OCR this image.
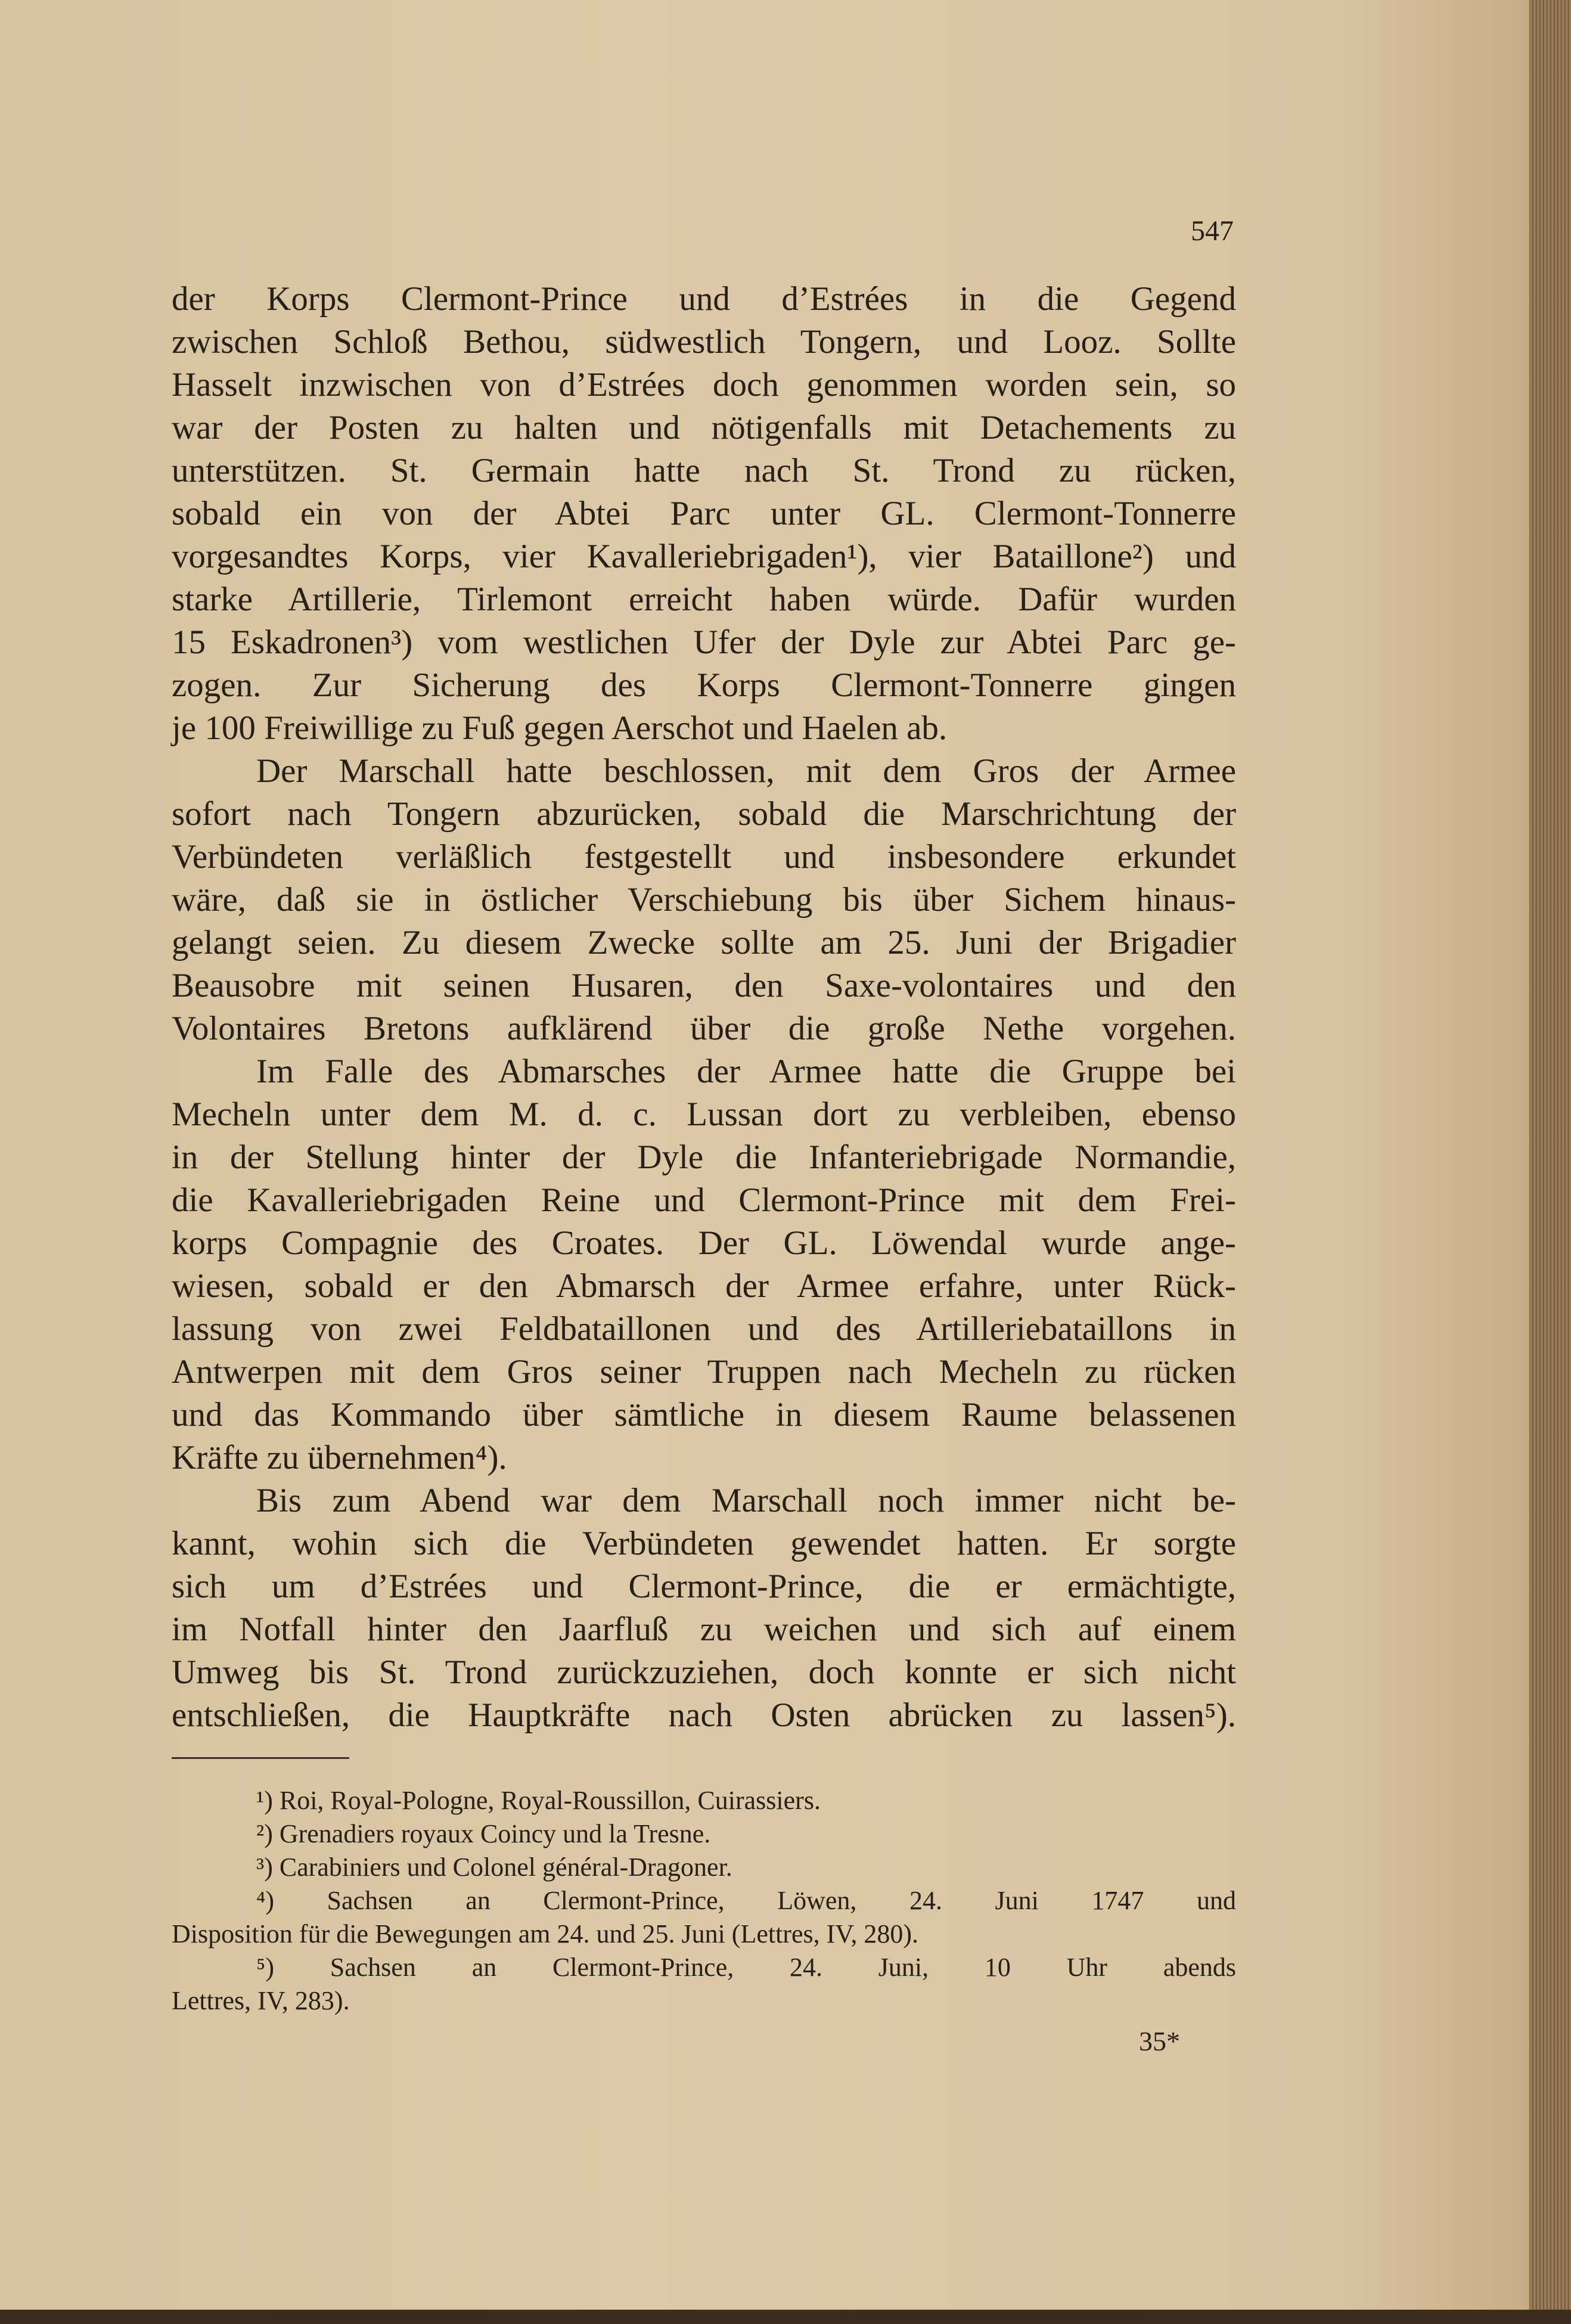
547
der Korps Clermont-Prince und d’Estrées in die Gegend
zwischen Schloß Bethou, südwestlich Tongern, und Looz. Sollte
Hasselt inzwischen von d’Estrées doch genommen worden sein, so
war der Posten zu halten und nötigenfalls mit Detachements zu
unterstützen. St. Germain hatte nach St. Trond zu rücken,
sobald ein von der Abtei Parc unter GL. Clermont-Tonnerre
vorgesandtes Korps, vier Kavalleriebrigaden¹), vier Bataillone²) und
starke Artillerie, Tirlemont erreicht haben würde. Dafür wurden
15 Eskadronen³) vom westlichen Ufer der Dyle zur Abtei Parc ge-
zogen. Zur Sicherung des Korps Clermont-Tonnerre gingen
je 100 Freiwillige zu Fuß gegen Aerschot und Haelen ab.
Der Marschall hatte beschlossen, mit dem Gros der Armee
sofort nach Tongern abzurücken, sobald die Marschrichtung der
Verbündeten verläßlich festgestellt und insbesondere erkundet
wäre, daß sie in östlicher Verschiebung bis über Sichem hinaus-
gelangt seien. Zu diesem Zwecke sollte am 25. Juni der Brigadier
Beausobre mit seinen Husaren, den Saxe-volontaires und den
Volontaires Bretons aufklärend über die große Nethe vorgehen.
Im Falle des Abmarsches der Armee hatte die Gruppe bei
Mecheln unter dem M. d. c. Lussan dort zu verbleiben, ebenso
in der Stellung hinter der Dyle die Infanteriebrigade Normandie,
die Kavalleriebrigaden Reine und Clermont-Prince mit dem Frei-
korps Compagnie des Croates. Der GL. Löwendal wurde ange-
wiesen, sobald er den Abmarsch der Armee erfahre, unter Rück-
lassung von zwei Feldbataillonen und des Artilleriebataillons in
Antwerpen mit dem Gros seiner Truppen nach Mecheln zu rücken
und das Kommando über sämtliche in diesem Raume belassenen
Kräfte zu übernehmen⁴).
Bis zum Abend war dem Marschall noch immer nicht be-
kannt, wohin sich die Verbündeten gewendet hatten. Er sorgte
sich um d’Estrées und Clermont-Prince, die er ermächtigte,
im Notfall hinter den Jaarfluß zu weichen und sich auf einem
Umweg bis St. Trond zurückzuziehen, doch konnte er sich nicht
entschließen, die Hauptkräfte nach Osten abrücken zu lassen⁵).
¹) Roi, Royal-Pologne, Royal-Roussillon, Cuirassiers.
²) Grenadiers royaux Coincy und la Tresne.
³) Carabiniers und Colonel général-Dragoner.
⁴) Sachsen an Clermont-Prince, Löwen, 24. Juni 1747 und
Disposition für die Bewegungen am 24. und 25. Juni (Lettres, IV, 280).
⁵) Sachsen an Clermont-Prince, 24. Juni, 10 Uhr abends
Lettres, IV, 283).
35*
